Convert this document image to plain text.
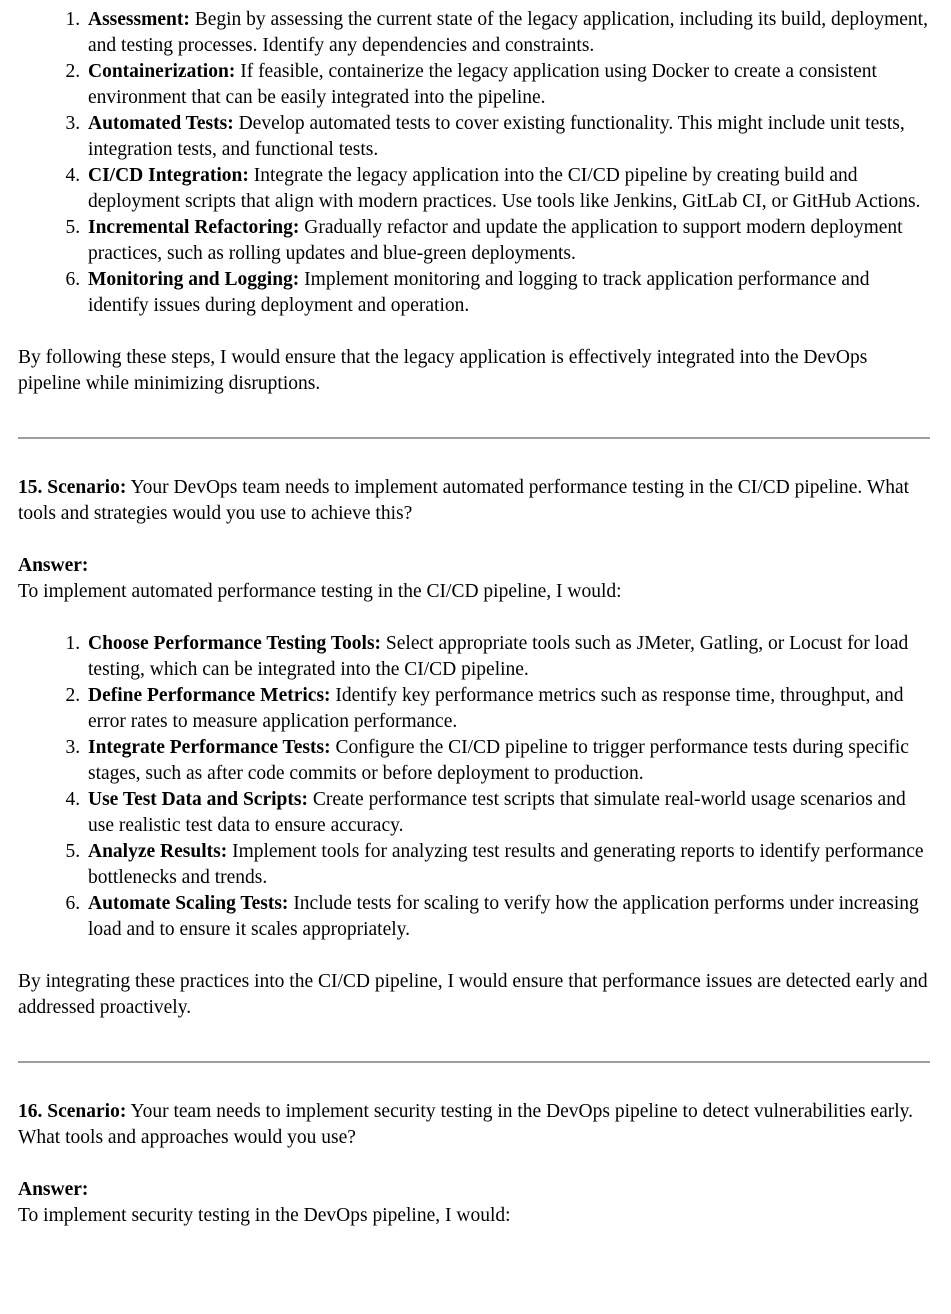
1. Assessment: Begin by assessing the current state of the legacy application, including its build, deployment, and testing processes. Identify any dependencies and constraints.
2. Containerization: If feasible, containerize the legacy application using Docker to create a consistent environment that can be easily integrated into the pipeline.
3. Automated Tests: Develop automated tests to cover existing functionality. This might include unit tests, integration tests, and functional tests.
4. CI/CD Integration: Integrate the legacy application into the CI/CD pipeline by creating build and deployment scripts that align with modern practices. Use tools like Jenkins, GitLab CI, or GitHub Actions.
5. Incremental Refactoring: Gradually refactor and update the application to support modern deployment practices, such as rolling updates and blue-green deployments.
6. Monitoring and Logging: Implement monitoring and logging to track application performance and identify issues during deployment and operation.

By following these steps, I would ensure that the legacy application is effectively integrated into the DevOps pipeline while minimizing disruptions.

15. Scenario: Your DevOps team needs to implement automated performance testing in the CI/CD pipeline. What tools and strategies would you use to achieve this?

Answer:
To implement automated performance testing in the CI/CD pipeline, I would:

1. Choose Performance Testing Tools: Select appropriate tools such as JMeter, Gatling, or Locust for load testing, which can be integrated into the CI/CD pipeline.
2. Define Performance Metrics: Identify key performance metrics such as response time, throughput, and error rates to measure application performance.
3. Integrate Performance Tests: Configure the CI/CD pipeline to trigger performance tests during specific stages, such as after code commits or before deployment to production.
4. Use Test Data and Scripts: Create performance test scripts that simulate real-world usage scenarios and use realistic test data to ensure accuracy.
5. Analyze Results: Implement tools for analyzing test results and generating reports to identify performance bottlenecks and trends.
6. Automate Scaling Tests: Include tests for scaling to verify how the application performs under increasing load and to ensure it scales appropriately.

By integrating these practices into the CI/CD pipeline, I would ensure that performance issues are detected early and addressed proactively.

16. Scenario: Your team needs to implement security testing in the DevOps pipeline to detect vulnerabilities early. What tools and approaches would you use?

Answer:
To implement security testing in the DevOps pipeline, I would:
